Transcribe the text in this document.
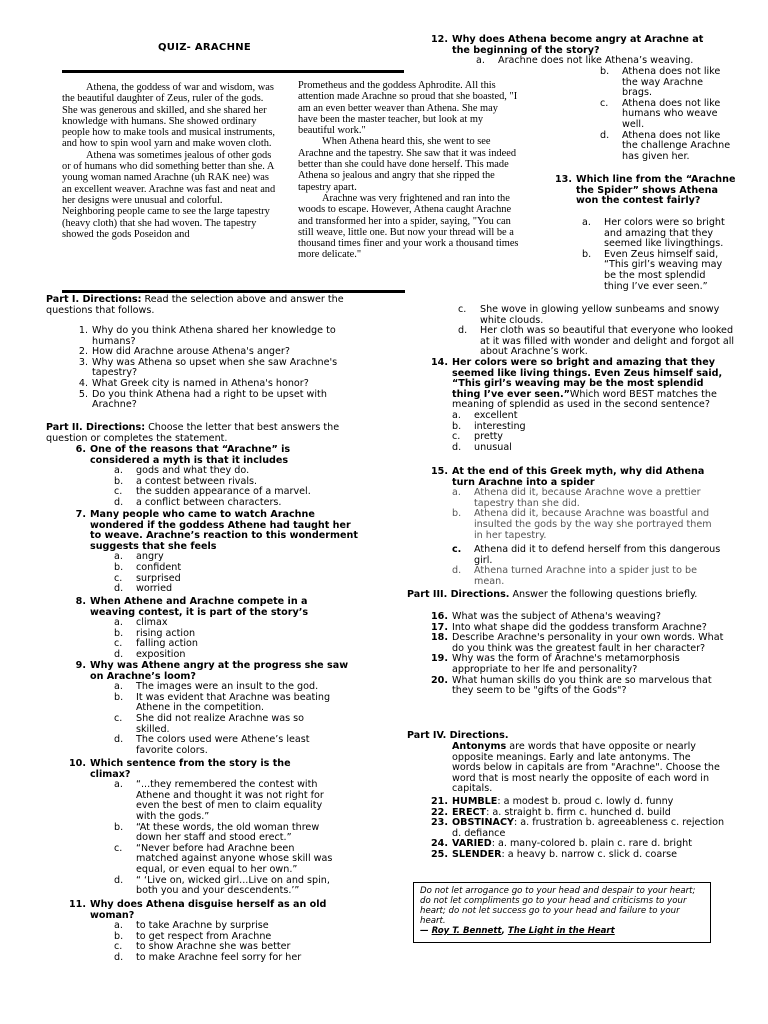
QUIZ- ARACHNE

Athena, the goddess of war and wisdom, was the beautiful daughter of Zeus, ruler of the gods. She was generous and skilled, and she shared her knowledge with humans. She showed ordinary people how to make tools and musical instruments, and how to spin wool yarn and make woven cloth.

Athena was sometimes jealous of other gods or of humans who did something better than she. A young woman named Arachne (uh RAK nee) was an excellent weaver. Arachne was fast and neat and her designs were unusual and colorful. Neighboring people came to see the large tapestry (heavy cloth) that she had woven. The tapestry showed the gods Poseidon and

Prometheus and the goddess Aphrodite. All this attention made Arachne so proud that she boasted, "I am an even better weaver than Athena. She may have been the master teacher, but look at my beautiful work."

When Athena heard this, she went to see Arachne and the tapestry. She saw that it was indeed better than she could have done herself. This made Athena so jealous and angry that she ripped the tapestry apart.

Arachne was very frightened and ran into the woods to escape. However, Athena caught Arachne and transformed her into a spider, saying, "You can still weave, little one. But now your thread will be a thousand times finer and your work a thousand times more delicate."

Part I. Directions: Read the selection above and answer the questions that follows.
1. Why do you think Athena shared her knowledge to humans?
2. How did Arachne arouse Athena's anger?
3. Why was Athena so upset when she saw Arachne's tapestry?
4. What Greek city is named in Athena's honor?
5. Do you think Athena had a right to be upset with Arachne?
Part II. Directions: Choose the letter that best answers the question or completes the statement.
6. One of the reasons that “Arachne” is considered a myth is that it includes
a.	gods and what they do.
b.	a contest between rivals.
c.	the sudden appearance of a marvel.
d.	a conflict between characters.
7. Many people who came to watch Arachne wondered if the goddess Athene had taught her to weave. Arachne’s reaction to this wonderment suggests that she feels
a.	angry
b.	confident
c.	surprised
d.	worried
8. When Athene and Arachne compete in a weaving contest, it is part of the story’s
a.	climax
b.	rising action
c.	falling action
d.	exposition
9. Why was Athene angry at the progress she saw on Arachne’s loom?
a.	The images were an insult to the god.
b.	It was evident that Arachne was beating Athene in the competition.
c.	She did not realize Arachne was so skilled.
d.	The colors used were Athene’s least favorite colors.
10. Which sentence from the story is the climax?
a.	“...they remembered the contest with Athene and thought it was not right for even the best of men to claim equality with the gods.”
b.	“At these words, the old woman threw down her staff and stood erect.”
c.	“Never before had Arachne been matched against anyone whose skill was equal, or even equal to her own.”
d.	“ ‘Live on, wicked girl...Live on and spin, both you and your descendents.’”
11. Why does Athena disguise herself as an old woman?
a.	to take Arachne by surprise
b.	to get respect from Arachne
c.	to show Arachne she was better
d.	to make Arachne feel sorry for her
12. Why does Athena become angry at Arachne at the beginning of the story?
a.	Arachne does not like Athena’s weaving.
b.	Athena does not like the way Arachne brags.
c.	Athena does not like humans who weave well.
d.	Athena does not like the challenge Arachne has given her.
13. Which line from the “Arachne the Spider” shows Athena won the contest fairly?
a.	Her colors were so bright and amazing that they seemed like livingthings.
b.	Even Zeus himself said, “This girl’s weaving may be the most splendid thing I’ve ever seen.”
c.	She wove in glowing yellow sunbeams and snowy white clouds.
d.	Her cloth was so beautiful that everyone who looked at it was filled with wonder and delight and forgot all about Arachne’s work.
14. Her colors were so bright and amazing that they seemed like living things. Even Zeus himself said, “This girl’s weaving may be the most splendid thing I’ve ever seen.”Which word BEST matches the meaning of splendid as used in the second sentence?
a.	excellent
b.	interesting
c.	pretty
d.	unusual
15. At the end of this Greek myth, why did Athena turn Arachne into a spider
a.	Athena did it, because Arachne wove a prettier tapestry than she did.
b.	Athena did it, because Arachne was boastful and insulted the gods by the way she portrayed them in her tapestry.
c.	Athena did it to defend herself from this dangerous girl.
d.	Athena turned Arachne into a spider just to be mean.
Part III. Directions. Answer the following questions briefly.
16. What was the subject of Athena's weaving?
17. Into what shape did the goddess transform Arachne?
18. Describe Arachne's personality in your own words. What do you think was the greatest fault in her character?
19. Why was the form of Arachne's metamorphosis appropriate to her lfe and personality?
20. What human skills do you think are so marvelous that they seem to be "gifts of the Gods"?
Part IV. Directions.
Antonyms are words that have opposite or nearly opposite meanings. Early and late antonyms. The words below in capitals are from "Arachne". Choose the word that is most nearly the opposite of each word in capitals.
21. HUMBLE: a modest b. proud c. lowly d. funny
22. ERECT: a. straight b. firm c. hunched d. build
23. OBSTINACY: a. frustration b. agreeableness c. rejection d. defiance
24. VARIED: a. many-colored b. plain c. rare d. bright
25. SLENDER: a heavy b. narrow c. slick d. coarse
Do not let arrogance go to your head and despair to your heart; do not let compliments go to your head and criticisms to your heart; do not let success go to your head and failure to your heart.
— Roy T. Bennett, The Light in the Heart
